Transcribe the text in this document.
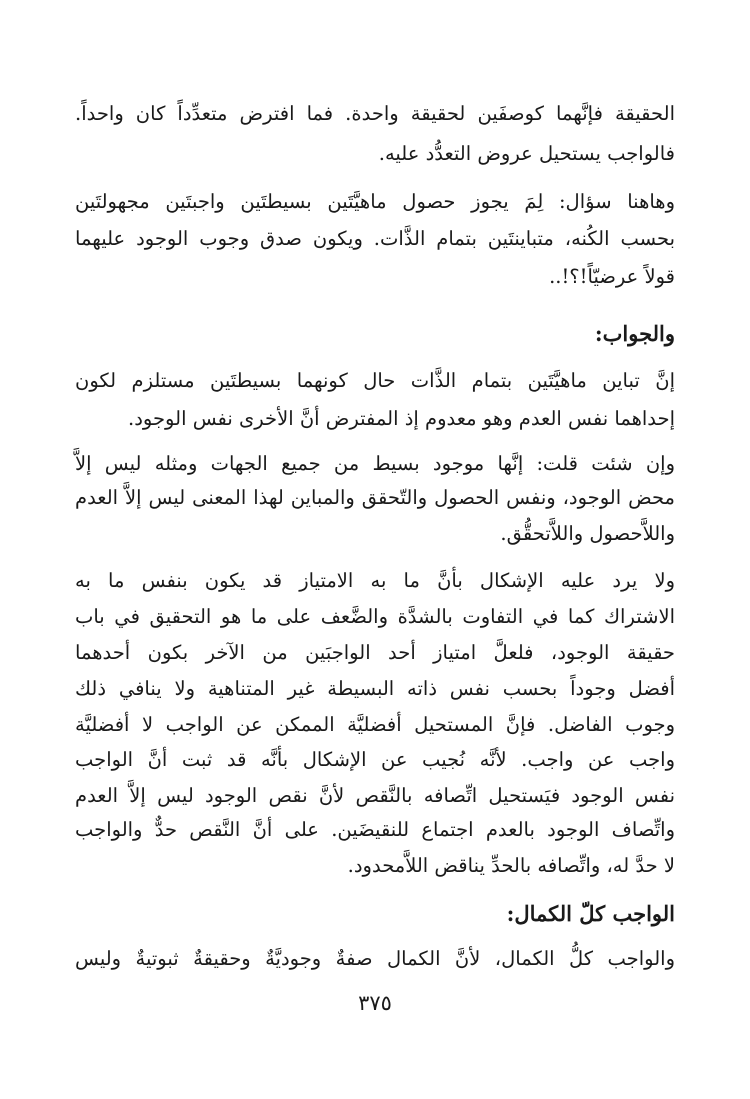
الحقيقة فإنَّهما كوصفَين لحقيقة واحدة. فما افترض متعدِّداً كان واحداً.
فالواجب يستحيل عروض التعدُّد عليه.
وهاهنا سؤال: لِمَ يجوز حصول ماهيَّتَين بسيطتَين واجبتَين مجهولتَين
بحسب الكُنه، متباينتَين بتمام الذَّات. ويكون صدق وجوب الوجود عليهما
قولاً عرضيّاً!؟!..
والجواب:
إنَّ تباين ماهيَّتَين بتمام الذَّات حال كونهما بسيطتَين مستلزم لكون
إحداهما نفس العدم وهو معدوم إذ المفترض أنَّ الأخرى نفس الوجود.
وإن شئت قلت: إنَّها موجود بسيط من جميع الجهات ومثله ليس إلاَّ
محض الوجود، ونفس الحصول والتّحقق والمباين لهذا المعنى ليس إلاَّ العدم
واللاَّحصول واللاَّتحقُّق.
ولا يرد عليه الإشكال بأنَّ ما به الامتياز قد يكون بنفس ما به
الاشتراك كما في التفاوت بالشدَّة والضَّعف على ما هو التحقيق في باب
حقيقة الوجود، فلعلَّ امتياز أحد الواجبَين من الآخر بكون أحدهما
أفضل وجوداً بحسب نفس ذاته البسيطة غير المتناهية ولا ينافي ذلك
وجوب الفاضل. فإنَّ المستحيل أفضليَّة الممكن عن الواجب لا أفضليَّة
واجب عن واجب. لأنَّه نُجيب عن الإشكال بأنَّه قد ثبت أنَّ الواجب
نفس الوجود فيَستحيل اتِّصافه بالنَّقص لأنَّ نقص الوجود ليس إلاَّ العدم
واتِّصاف الوجود بالعدم اجتماع للنقيضَين. على أنَّ النَّقص حدٌّ والواجب
لا حدَّ له، واتِّصافه بالحدِّ يناقض اللاَّمحدود.
الواجب كلّ الكمال:
والواجب كلُّ الكمال، لأنَّ الكمال صفةٌ وجوديَّةٌ وحقيقةٌ ثبوتيةٌ وليس
٣٧٥
